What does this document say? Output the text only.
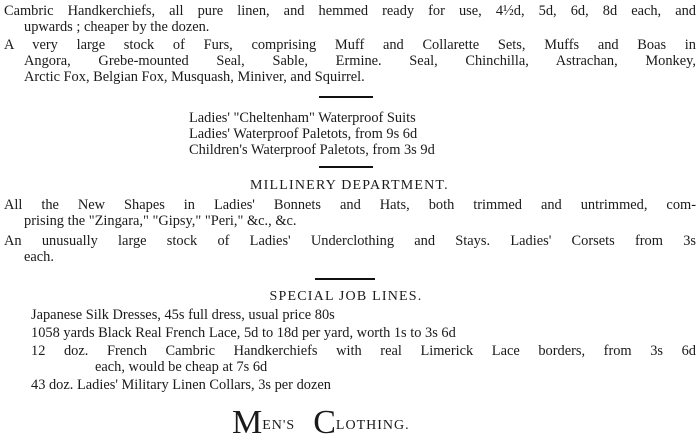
Cambric Handkerchiefs, all pure linen, and hemmed ready for use, 4½d, 5d, 6d, 8d each, and
upwards ; cheaper by the dozen.
A very large stock of Furs, comprising Muff and Collarette Sets, Muffs and Boas in
Angora, Grebe-mounted Seal, Sable, Ermine. Seal, Chinchilla, Astrachan, Monkey,
Arctic Fox, Belgian Fox, Musquash, Miniver, and Squirrel.
Ladies' "Cheltenham" Waterproof Suits
Ladies' Waterproof Paletots, from 9s 6d
Children's Waterproof Paletots, from 3s 9d
MILLINERY DEPARTMENT.
All the New Shapes in Ladies' Bonnets and Hats, both trimmed and untrimmed, com-
prising the "Zingara," "Gipsy," "Peri," &c., &c.
An unusually large stock of Ladies' Underclothing and Stays. Ladies' Corsets from 3s
each.
SPECIAL JOB LINES.
Japanese Silk Dresses, 45s full dress, usual price 80s
1058 yards Black Real French Lace, 5d to 18d per yard, worth 1s to 3s 6d
12 doz. French Cambric Handkerchiefs with real Limerick Lace borders, from 3s 6d
each, would be cheap at 7s 6d
43 doz. Ladies' Military Linen Collars, 3s per dozen
MEN'S CLOTHING.
